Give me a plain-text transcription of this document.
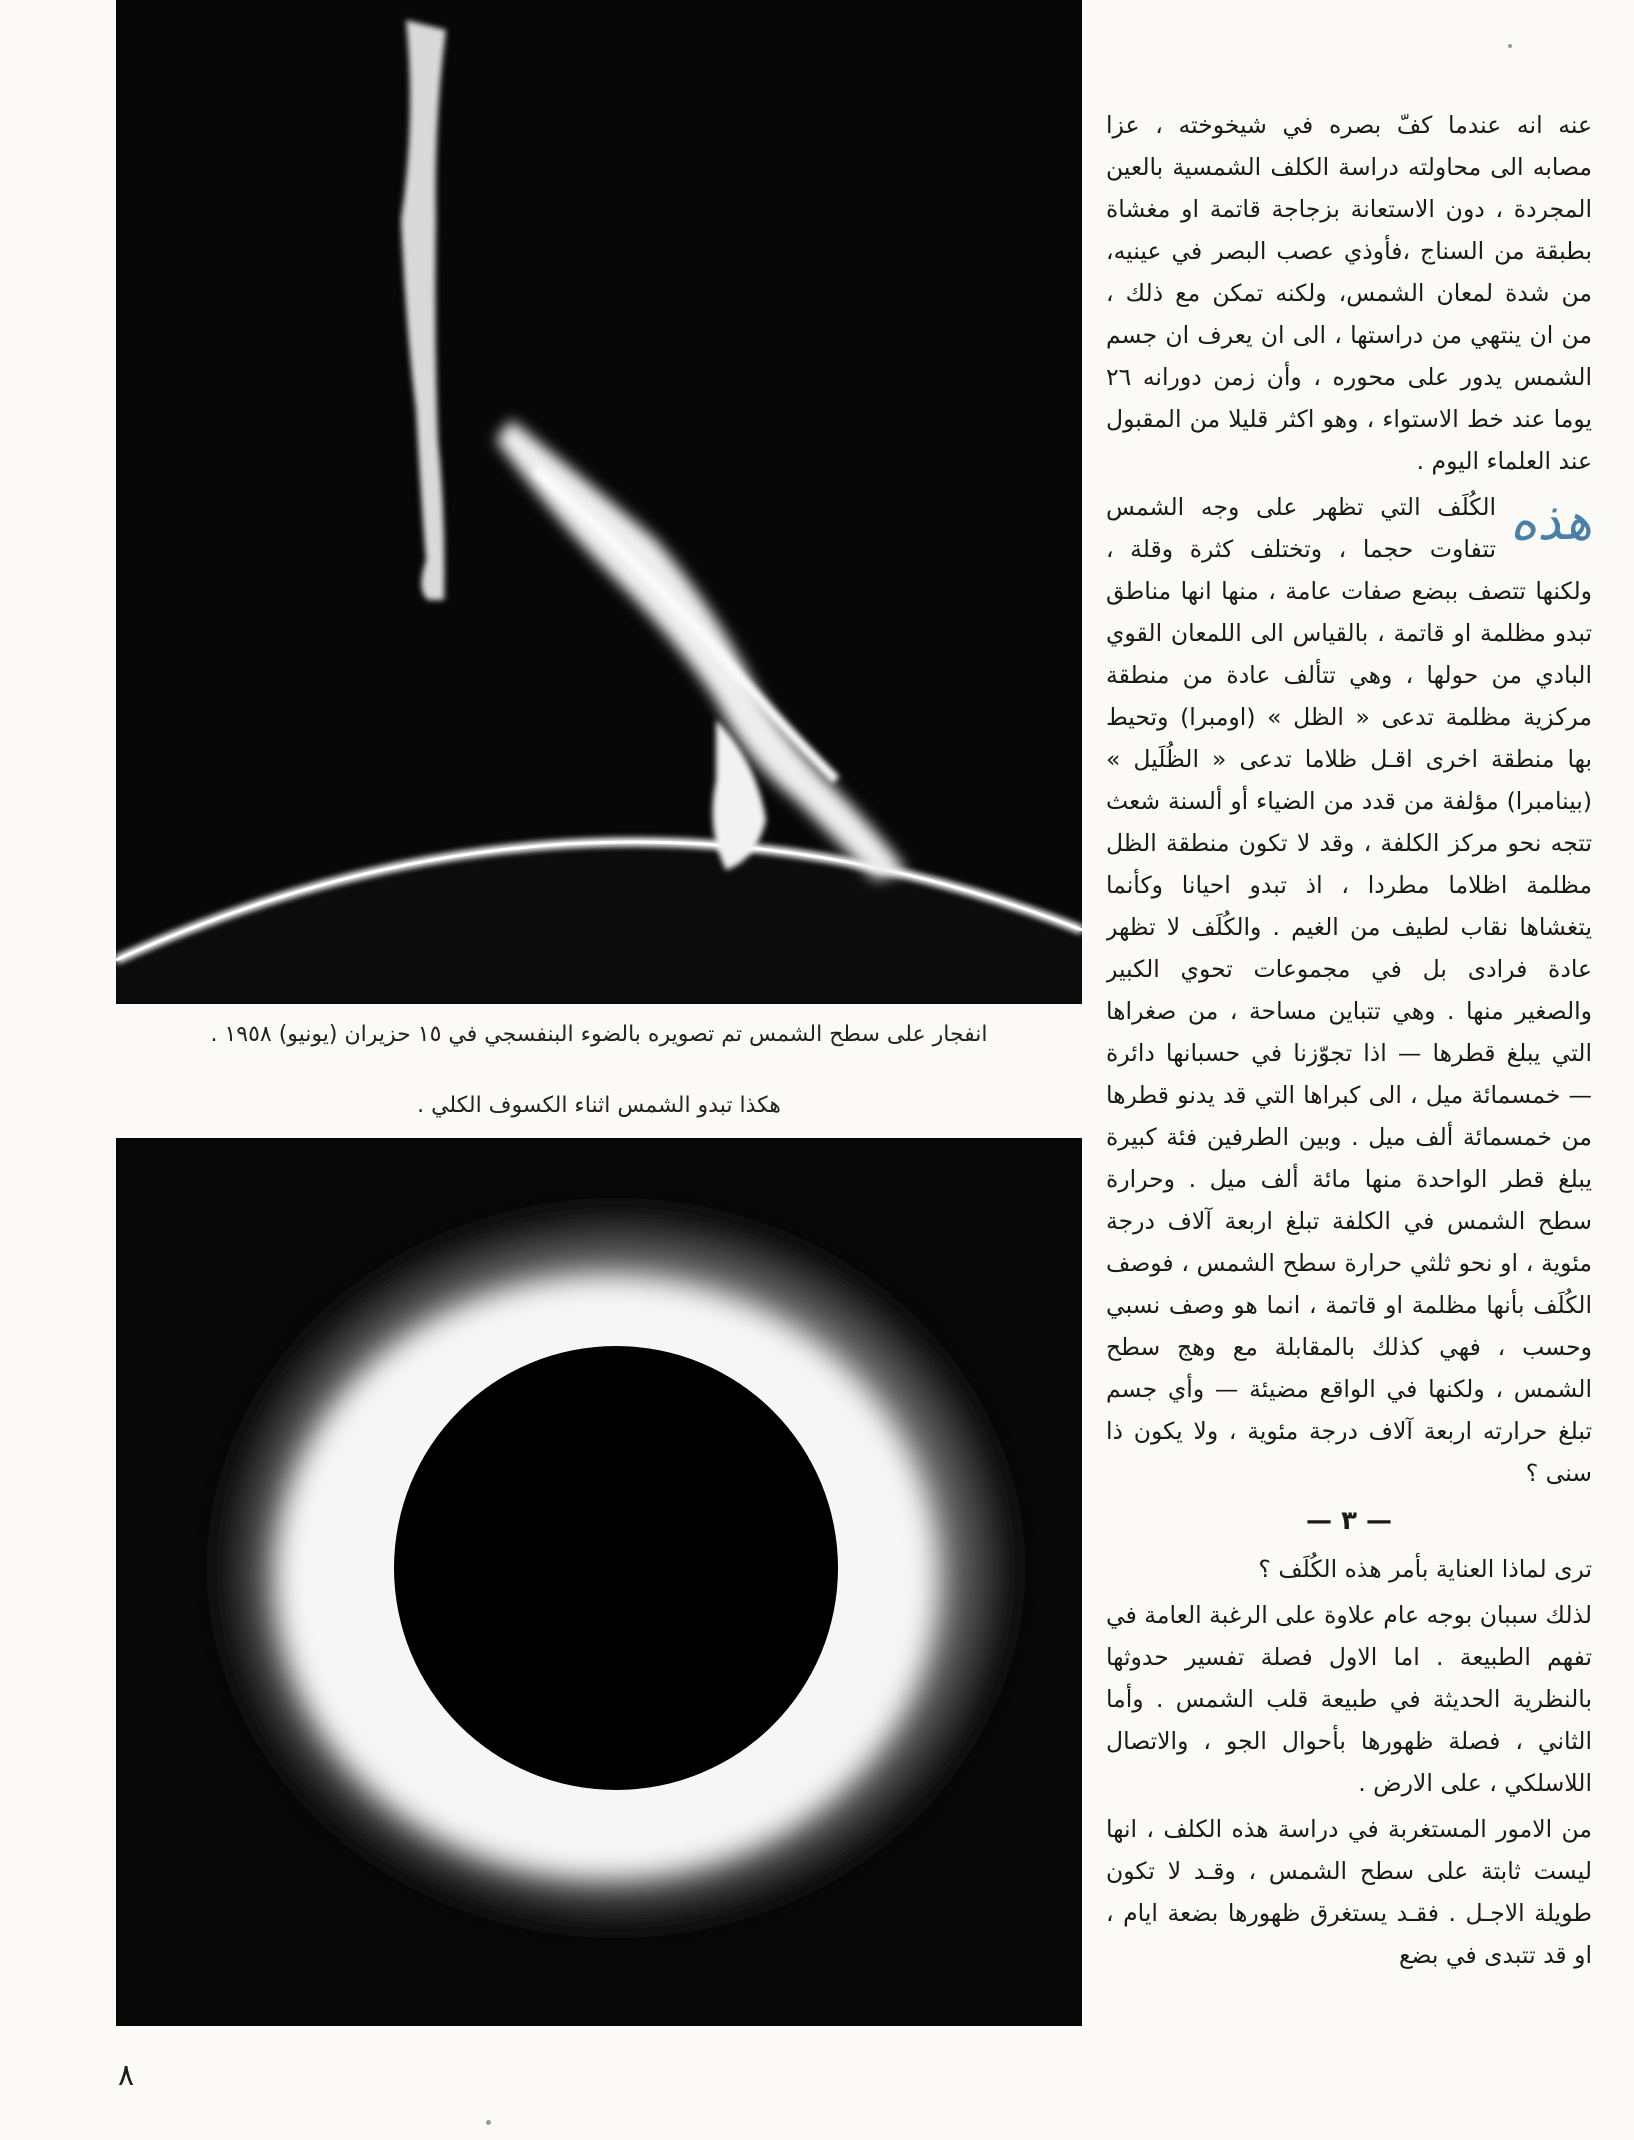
انفجار على سطح الشمس تم تصويره بالضوء البنفسجي في ١٥ حزيران (يونيو) ١٩٥٨ .
هكذا تبدو الشمس اثناء الكسوف الكلي .

عنه انه عندما كفّ بصره في شيخوخته ، عزا مصابه الى محاولته دراسة الكلف الشمسية بالعين المجردة ، دون الاستعانة بزجاجة قاتمة او مغشاة بطبقة من السناج ،فأوذي عصب البصر في عينيه، من شدة لمعان الشمس، ولكنه تمكن مع ذلك ، من ان ينتهي من دراستها ، الى ان يعرف ان جسم الشمس يدور على محوره ، وأن زمن دورانه ٢٦ يوما عند خط الاستواء ، وهو اكثر قليلا من المقبول عند العلماء اليوم .

هذه
الكُلَف التي تظهر على وجه الشمس تتفاوت حجما ، وتختلف كثرة وقلة ، ولكنها تتصف ببضع صفات عامة ، منها انها مناطق تبدو مظلمة او قاتمة ، بالقياس الى اللمعان القوي البادي من حولها ، وهي تتألف عادة من منطقة مركزية مظلمة تدعى « الظل » (اومبرا) وتحيط بها منطقة اخرى اقـل ظلاما تدعى « الظُلَيل » (بينامبرا) مؤلفة من قدد من الضياء أو ألسنة شعث تتجه نحو مركز الكلفة ، وقد لا تكون منطقة الظل مظلمة اظلاما مطردا ، اذ تبدو احيانا وكأنما يتغشاها نقاب لطيف من الغيم . والكُلَف لا تظهر عادة فرادى بل في مجموعات تحوي الكبير والصغير منها . وهي تتباين مساحة ، من صغراها التي يبلغ قطرها — اذا تجوّزنا في حسبانها دائرة — خمسمائة ميل ، الى كبراها التي قد يدنو قطرها من خمسمائة ألف ميل . وبين الطرفين فئة كبيرة يبلغ قطر الواحدة منها مائة ألف ميل . وحرارة سطح الشمس في الكلفة تبلغ اربعة آلاف درجة مئوية ، او نحو ثلثي حرارة سطح الشمس ، فوصف الكُلَف بأنها مظلمة او قاتمة ، انما هو وصف نسبي وحسب ، فهي كذلك بالمقابلة مع وهج سطح الشمس ، ولكنها في الواقع مضيئة — وأي جسم تبلغ حرارته اربعة آلاف درجة مئوية ، ولا يكون ذا سنى ؟

— ٣ —

ترى لماذا العناية بأمر هذه الكُلَف ؟

لذلك سببان بوجه عام علاوة على الرغبة العامة في تفهم الطبيعة . اما الاول فصلة تفسير حدوثها بالنظرية الحديثة في طبيعة قلب الشمس . وأما الثاني ، فصلة ظهورها بأحوال الجو ، والاتصال اللاسلكي ، على الارض .

من الامور المستغربة في دراسة هذه الكلف ، انها ليست ثابتة على سطح الشمس ، وقـد لا تكون طويلة الاجـل . فقـد يستغرق ظهورها بضعة ايام ، او قد تتبدى في بضع

٨
